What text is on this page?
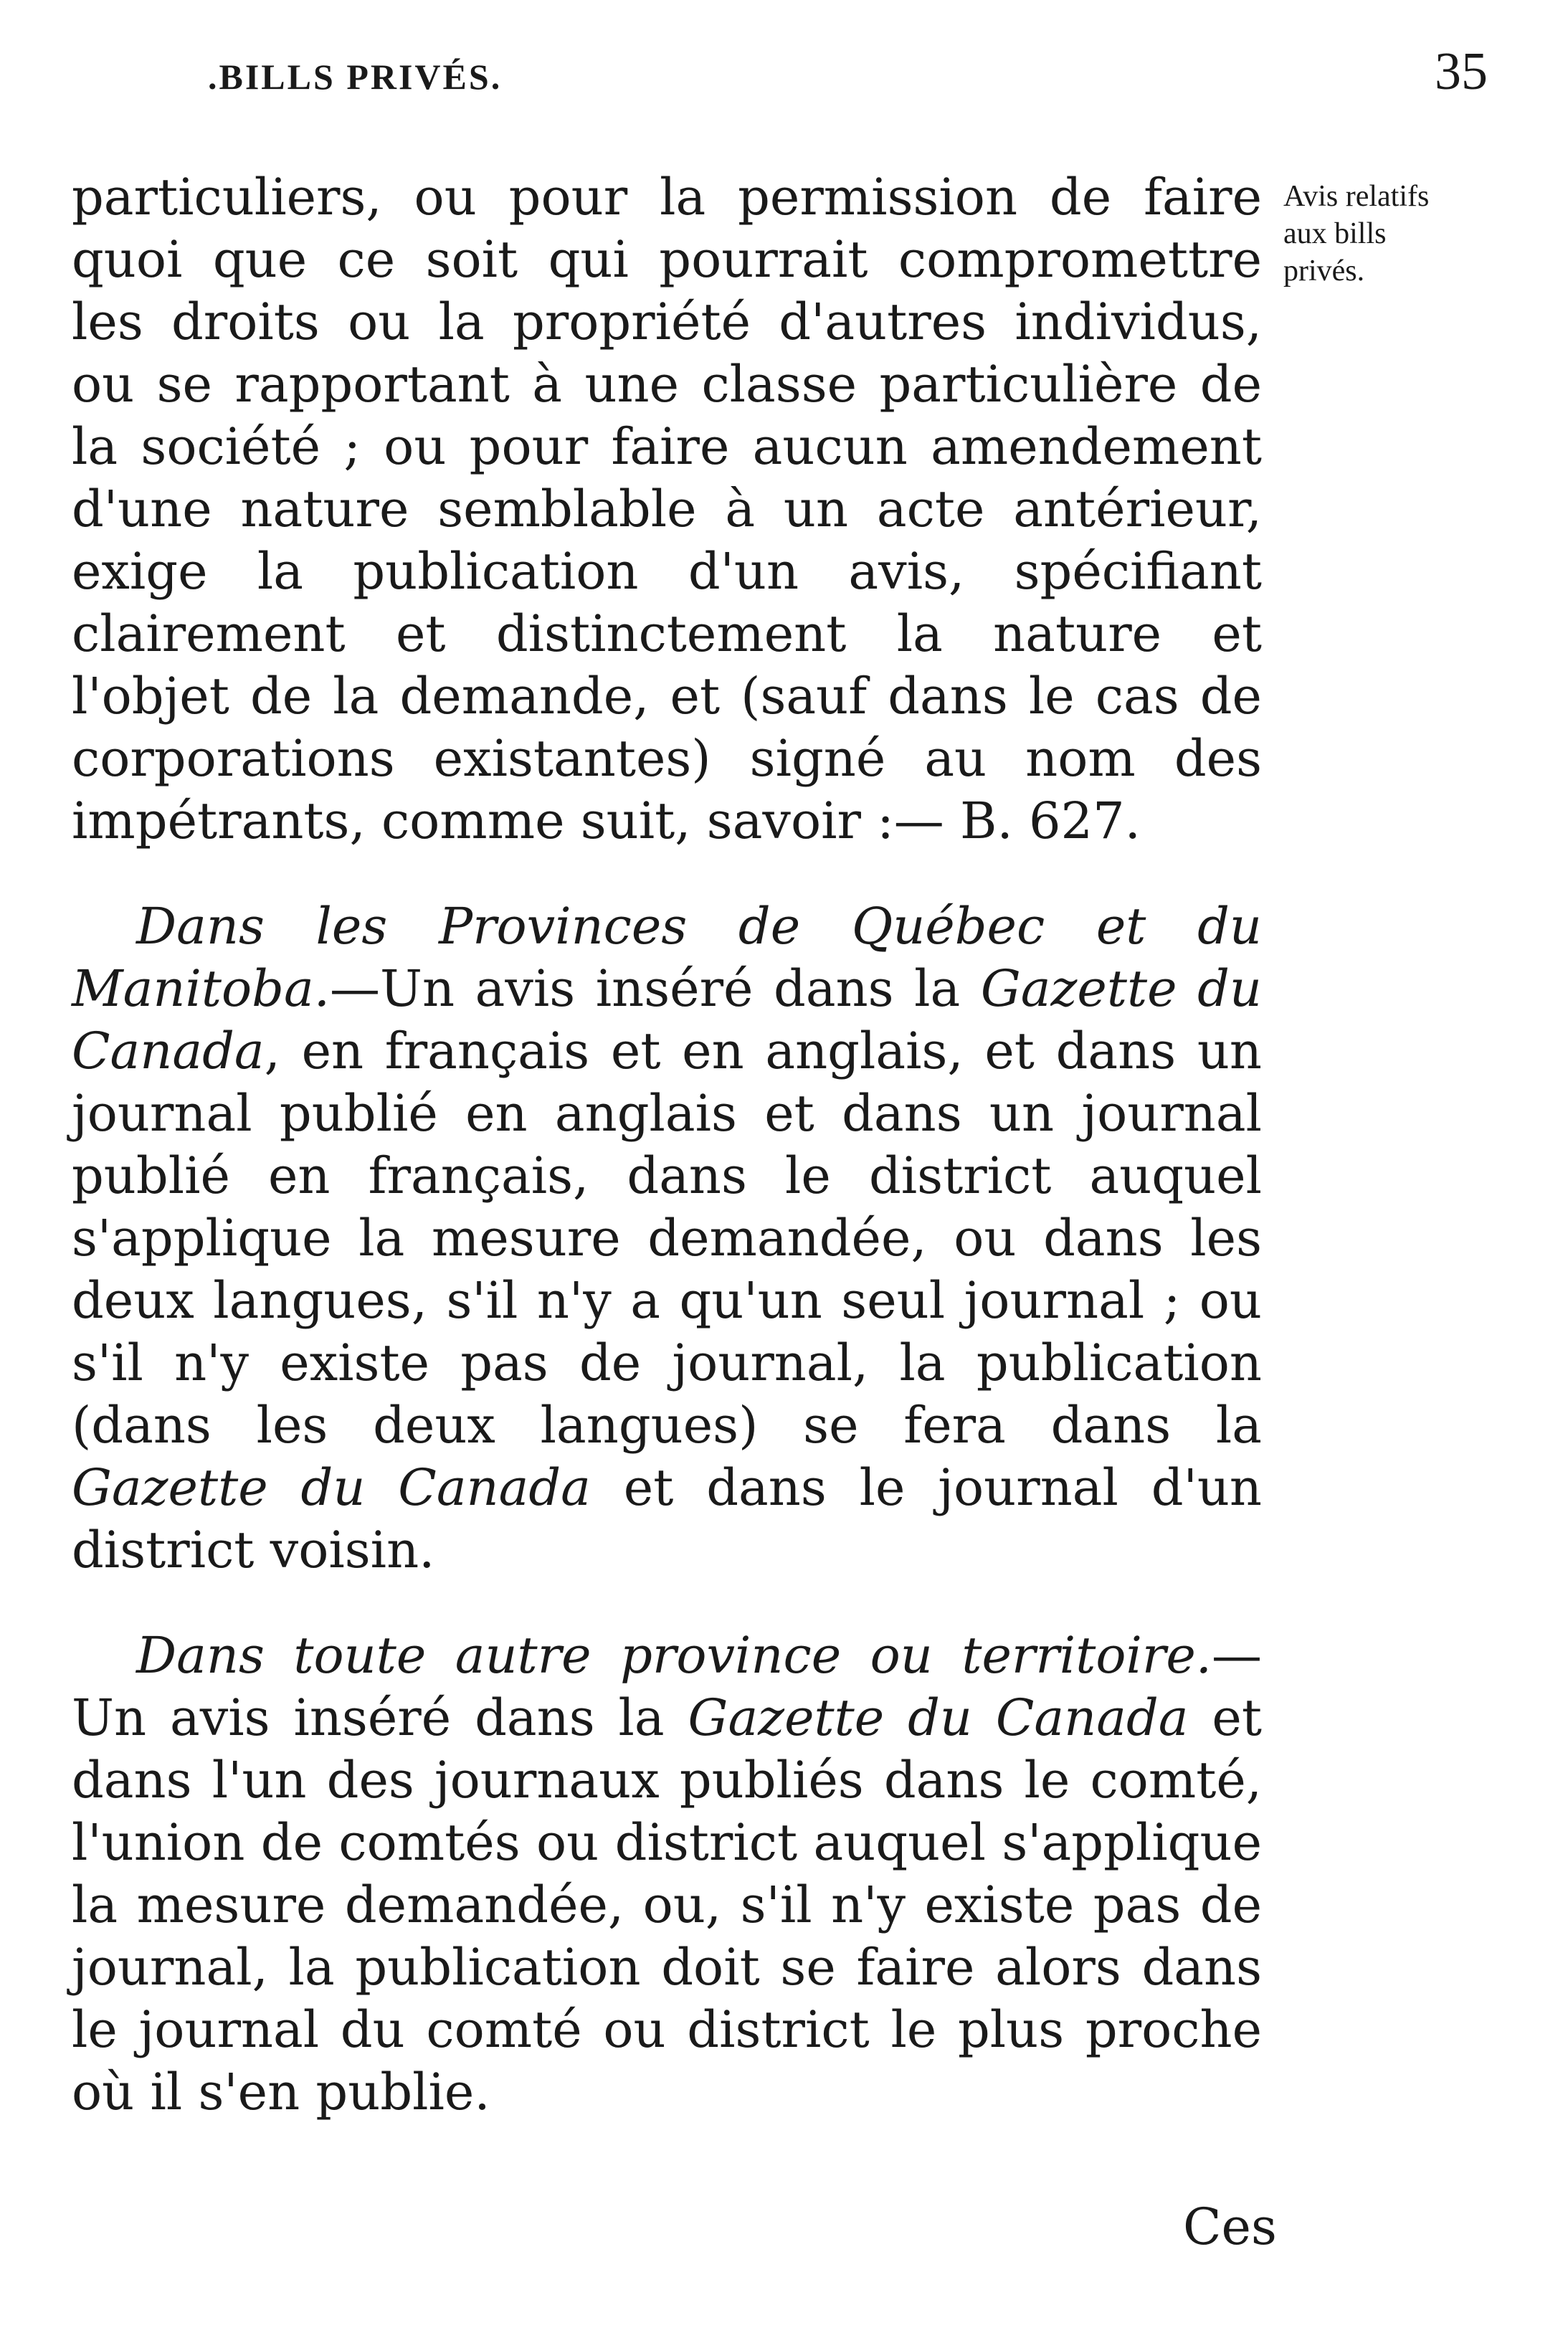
.BILLS PRIVÉS.	35

particuliers, ou pour la permission de faire quoi que ce soit qui pourrait compromettre les droits ou la propriété d'autres individus, ou se rapportant à une classe particulière de la société ; ou pour faire aucun amendement d'une nature semblable à un acte antérieur, exige la publication d'un avis, spécifiant clairement et distinctement la nature et l'objet de la demande, et (sauf dans le cas de corporations existantes) signé au nom des impétrants, comme suit, savoir :— B. 627.

Dans les Provinces de Québec et du Manitoba.—Un avis inséré dans la Gazette du Canada, en français et en anglais, et dans un journal publié en anglais et dans un journal publié en français, dans le district auquel s'applique la mesure demandée, ou dans les deux langues, s'il n'y a qu'un seul journal ; ou s'il n'y existe pas de journal, la publication (dans les deux langues) se fera dans la Gazette du Canada et dans le journal d'un district voisin.

Dans toute autre province ou territoire.— Un avis inséré dans la Gazette du Canada et dans l'un des journaux publiés dans le comté, l'union de comtés ou district auquel s'applique la mesure demandée, ou, s'il n'y existe pas de journal, la publication doit se faire alors dans le journal du comté ou district le plus proche où il s'en publie.

Avis relatifs aux bills privés.
Ces
